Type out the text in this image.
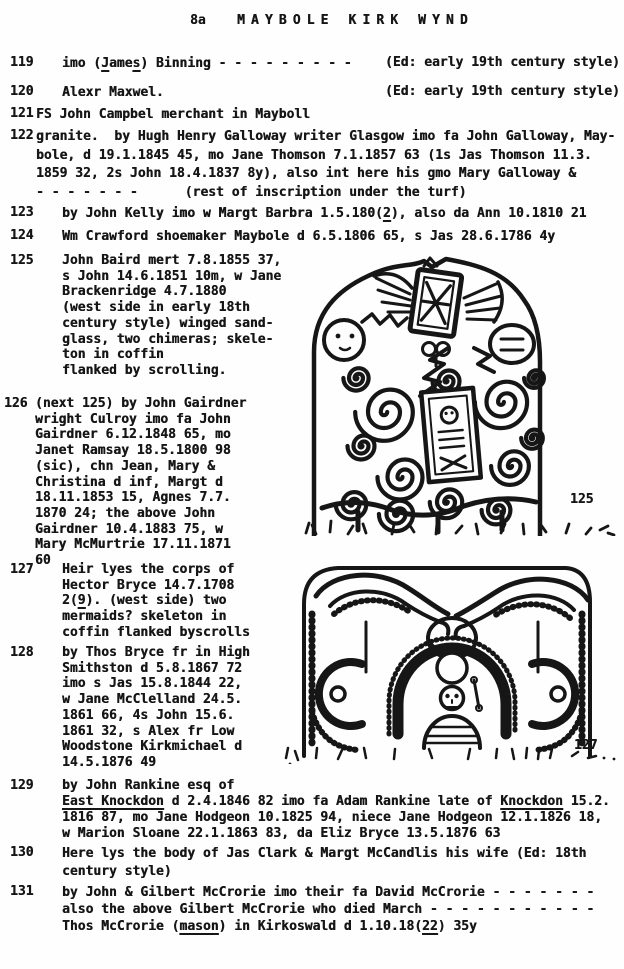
8a MAYBOLE KIRK WYND
119 imo (James) Binning - - - - - - - - -	(Ed: early 19th century style)
120 Alexr Maxwel.	(Ed: early 19th century style)
121 FS John Campbel merchant in Mayboll
122 granite.  by Hugh Henry Galloway writer Glasgow imo fa John Galloway, May-
bole, d 19.1.1845 45, mo Jane Thomson 7.1.1857 63 (1s Jas Thomson 11.3.
1859 32, 2s John 18.4.1837 8y), also int here his gmo Mary Galloway &
- - - - - - -      (rest of inscription under the turf)
123 by John Kelly imo w Margt Barbra 1.5.180(2), also da Ann 10.1810 21
124 Wm Crawford shoemaker Maybole d 6.5.1806 65, s Jas 28.6.1786 4y
125 John Baird mert 7.8.1855 37,
s John 14.6.1851 10m, w Jane
Brackenridge 4.7.1880
(west side in early 18th
century style) winged sand-
glass, two chimeras; skele-
ton in coffin
flanked by scrolling.
126 (next 125) by John Gairdner
wright Culroy imo fa John
Gairdner 6.12.1848 65, mo
Janet Ramsay 18.5.1800 98
(sic), chn Jean, Mary &
Christina d inf, Margt d
18.11.1853 15, Agnes 7.7.
1870 24; the above John
Gairdner 10.4.1883 75, w
Mary McMurtrie 17.11.1871
60
127 Heir lyes the corps of
Hector Bryce 14.7.1708
2(9). (west side) two
mermaids? skeleton in
coffin flanked byscrolls
128 by Thos Bryce fr in High
Smithston d 5.8.1867 72
imo s Jas 15.8.1844 22,
w Jane McClelland 24.5.
1861 66, 4s John 15.6.
1861 32, s Alex fr Low
Woodstone Kirkmichael d
14.5.1876 49
129 by John Rankine esq of
East Knockdon d 2.4.1846 82 imo fa Adam Rankine late of Knockdon 15.2.
1816 87, mo Jane Hodgeon 10.1825 94, niece Jane Hodgeon 12.1.1826 18,
w Marion Sloane 22.1.1863 83, da Eliz Bryce 13.5.1876 63
130 Here lys the body of Jas Clark & Margt McCandlis his wife (Ed: 18th
century style)
131 by John & Gilbert McCrorie imo their fa David McCrorie - - - - - - -
also the above Gilbert McCrorie who died March - - - - - - - - - - -
Thos McCrorie (mason) in Kirkoswald d 1.10.18(22) 35y
125
127
